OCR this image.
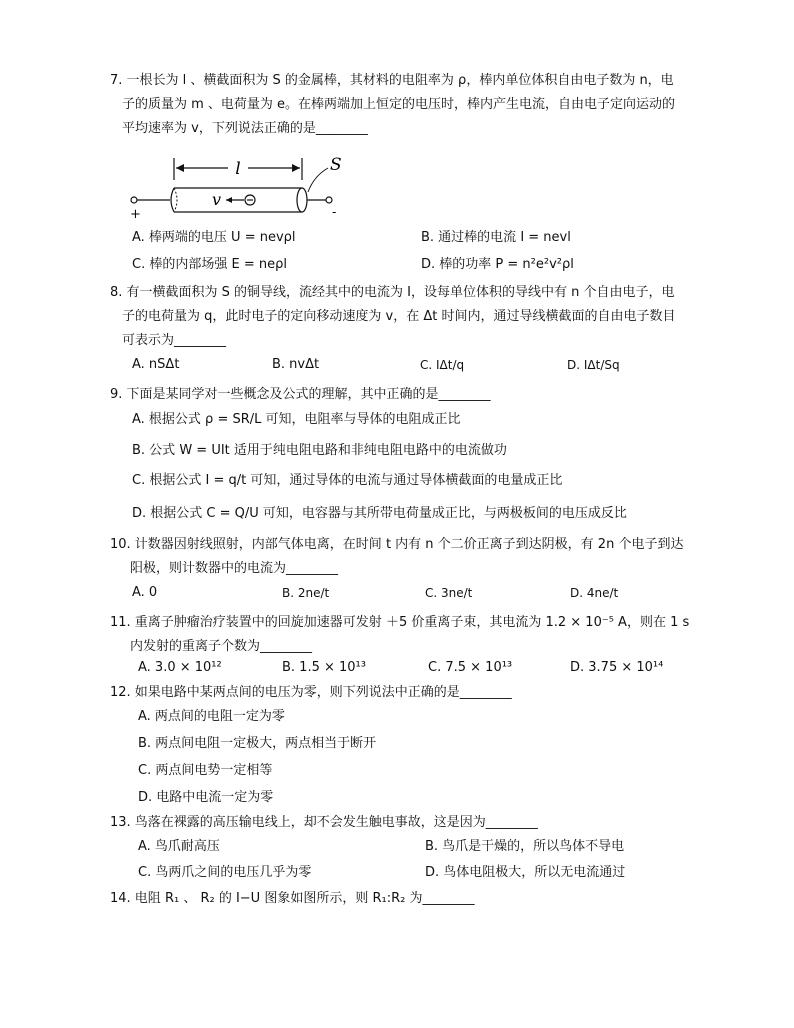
7. 一根长为 l 、横截面积为 S 的金属棒，其材料的电阻率为 ρ，棒内单位体积自由电子数为 n，电
子的质量为 m 、电荷量为 e。在棒两端加上恒定的电压时，棒内产生电流，自由电子定向运动的
平均速率为 v，下列说法正确的是________
l	S
v
+	-
A. 棒两端的电压 U = nevρl	B. 通过棒的电流 I = nevl
C. 棒的内部场强 E = neρl	D. 棒的功率 P = n²e²v²ρl
8. 有一横截面积为 S 的铜导线，流经其中的电流为 I，设每单位体积的导线中有 n 个自由电子，电
子的电荷量为 q，此时电子的定向移动速度为 v，在 Δt 时间内，通过导线横截面的自由电子数目
可表示为________
A. nSΔt	B. nvΔt	C. IΔt/q	D. IΔt/Sq
9. 下面是某同学对一些概念及公式的理解，其中正确的是________
A. 根据公式 ρ = SR/L 可知，电阻率与导体的电阻成正比
B. 公式 W = UIt 适用于纯电阻电路和非纯电阻电路中的电流做功
C. 根据公式 I = q/t 可知，通过导体的电流与通过导体横截面的电量成正比
D. 根据公式 C = Q/U 可知，电容器与其所带电荷量成正比，与两极板间的电压成反比
10. 计数器因射线照射，内部气体电离，在时间 t 内有 n 个二价正离子到达阴极，有 2n 个电子到达
阳极，则计数器中的电流为________
A. 0	B. 2ne/t	C. 3ne/t	D. 4ne/t
11. 重离子肿瘤治疗装置中的回旋加速器可发射 ＋5 价重离子束，其电流为 1.2 × 10⁻⁵ A，则在 1 s
内发射的重离子个数为________
A. 3.0 × 10¹²	B. 1.5 × 10¹³	C. 7.5 × 10¹³	D. 3.75 × 10¹⁴
12. 如果电路中某两点间的电压为零，则下列说法中正确的是________
A. 两点间的电阻一定为零
B. 两点间电阻一定极大，两点相当于断开
C. 两点间电势一定相等
D. 电路中电流一定为零
13. 鸟落在裸露的高压输电线上，却不会发生触电事故，这是因为________
A. 鸟爪耐高压	B. 鸟爪是干燥的，所以鸟体不导电
C. 鸟两爪之间的电压几乎为零	D. 鸟体电阻极大，所以无电流通过
14. 电阻 R₁ 、 R₂ 的 I−U 图象如图所示，则 R₁:R₂ 为________
